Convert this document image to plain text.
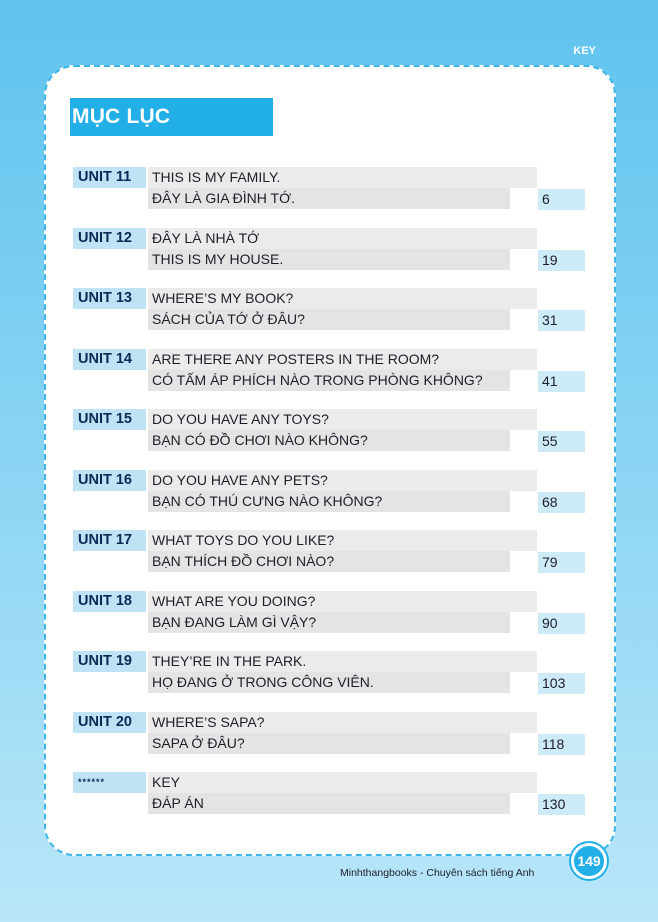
KEY
MỤC LỤC
UNIT 11	THIS IS MY FAMILY.
ĐÂY LÀ GIA ĐÌNH TỚ.	6
UNIT 12	ĐÂY LÀ NHÀ TỚ
THIS IS MY HOUSE.	19
UNIT 13	WHERE’S MY BOOK?
SÁCH CỦA TỚ Ở ĐÂU?	31
UNIT 14	ARE THERE ANY POSTERS IN THE ROOM?
CÓ TẤM ÁP PHÍCH NÀO TRONG PHÒNG KHÔNG?	41
UNIT 15	DO YOU HAVE ANY TOYS?
BẠN CÓ ĐỒ CHƠI NÀO KHÔNG?	55
UNIT 16	DO YOU HAVE ANY PETS?
BẠN CÓ THÚ CƯNG NÀO KHÔNG?	68
UNIT 17	WHAT TOYS DO YOU LIKE?
BẠN THÍCH ĐỒ CHƠI NÀO?	79
UNIT 18	WHAT ARE YOU DOING?
BẠN ĐANG LÀM GÌ VẬY?	90
UNIT 19	THEY’RE IN THE PARK.
HỌ ĐANG Ở TRONG CÔNG VIÊN.	103
UNIT 20	WHERE’S SAPA?
SAPA Ở ĐÂU?	118
******	KEY
ĐÁP ÁN	130
Minhthangbooks - Chuyên sách tiếng Anh
149
